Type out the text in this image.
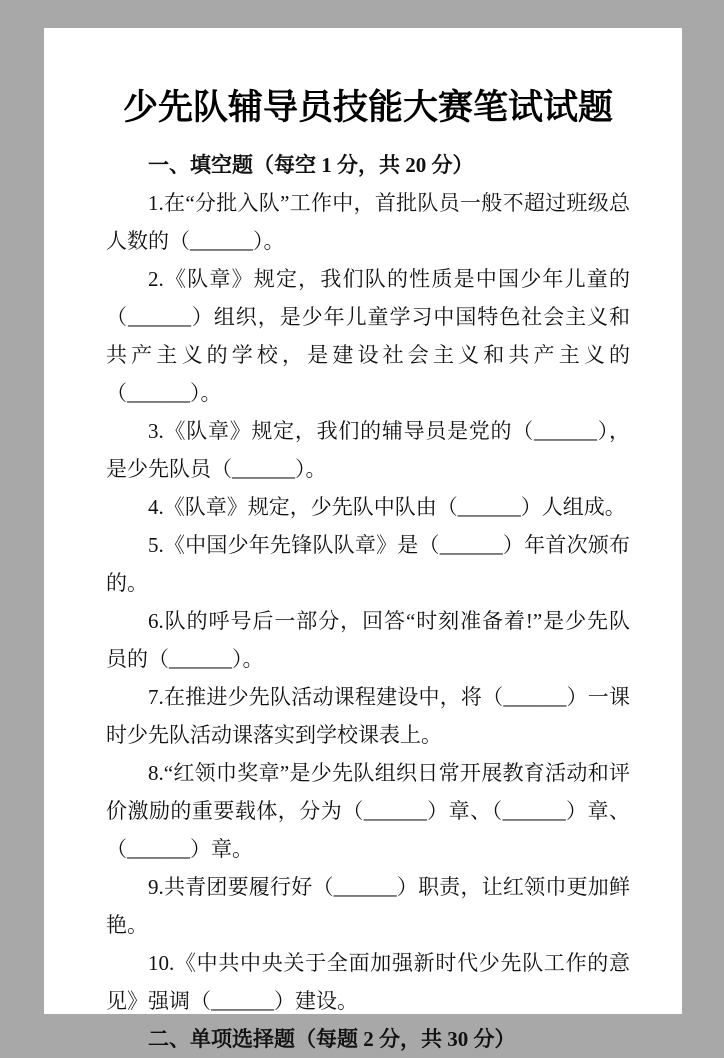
少先队辅导员技能大赛笔试试题

一、填空题（每空 1 分，共 20 分）

1.在“分批入队”工作中，首批队员一般不超过班级总人数的（______）。

2.《队章》规定，我们队的性质是中国少年儿童的（______）组织，是少年儿童学习中国特色社会主义和共产主义的学校，是建设社会主义和共产主义的（______）。

3.《队章》规定，我们的辅导员是党的（______），是少先队员（______）。

4.《队章》规定，少先队中队由（______）人组成。

5.《中国少年先锋队队章》是（______）年首次颁布的。

6.队的呼号后一部分，回答“时刻准备着!”是少先队员的（______）。

7.在推进少先队活动课程建设中，将（______）一课时少先队活动课落实到学校课表上。

8.“红领巾奖章”是少先队组织日常开展教育活动和评价激励的重要载体，分为（______）章、（______）章、（______）章。

9.共青团要履行好（______）职责，让红领巾更加鲜艳。

10.《中共中央关于全面加强新时代少先队工作的意见》强调（______）建设。

二、单项选择题（每题 2 分，共 30 分）
